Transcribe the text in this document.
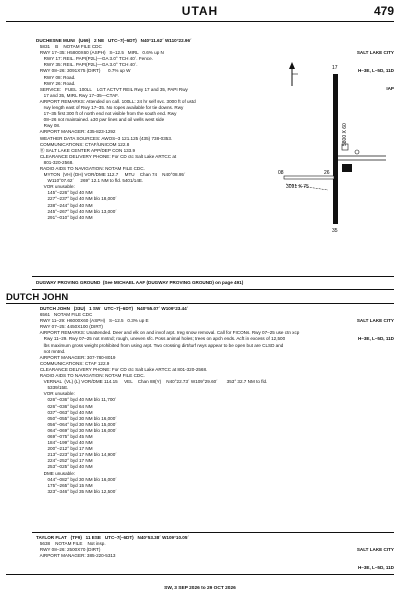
UTAH	479
DUCHESNE MUNI   (U69)   2 NE   UTC–7(–6DT)   N40°11.62´ W110°22.96´
5831    B    NOTAM FILE CDC
RWY 17–35: H5800X60 (ASPH)   S–12.5   MIRL   0.6% up N
RWY 17: REIL. PAPI(P2L)—GA 3.0° TCH 40´. Fence.
RWY 35: REIL. PAPI(P2L)—GA 3.0° TCH 40´.
RWY 08–26: 3091X75 (DIRT)      0.7% up W
RWY 08: Road.
RWY 26: Road.
SERVICE:   FUEL  100LL    LGT ACTVT REIL Rwy 17 and 35, PAPI Rwy
17 and 35, MIRL Rwy 17–35—CTAF.
AIRPORT REMARKS: Attended on call. 100LL: 24 hr self svc. 3000 ft of ustd
rwy length east of Rwy 17–35. No ropes available for tie downs. Rwy
17–35 first 300 ft of north end not visible from the south end. Rwy
08–26 not maintained. ±30 pwr lines and oil wells west side
Rwy 08.
AIRPORT MANAGER: 435-823-1292
WEATHER DATA SOURCES: AWOS–3 121.125 (435) 738-0353.
COMMUNICATIONS: CTAF/UNICOM 122.8
Ⓡ SALT LAKE CENTER APP/DEP CON 133.9
CLEARANCE DELIVERY PHONE: For CD ctc Salt Lake ARTCC at
801-320-2568.
RADIO AIDS TO NAVIGATION: NOTAM FILE CDC.
MYTON  (VH) (DH) VOR/DME 112.7     MTU    Chan 74    N40°08.95´
W110°07.62´     269° 12.1 NM to fld. 5401/14E.
VOR unusable:
145°–226° byd 40 NM
227°–237° byd 40 NM blo 18,000´
238°–244° byd 40 NM
245°–267° byd 40 NM blo 13,000´
291°–010° byd 40 NM

SALT LAKE CITY

H–3E, L–5D, 11D

IAP

17
35
08	26
5800 X 60
3091 X 75
DUGWAY PROVING GROUND  (See MICHAEL AAF (DUGWAY PROVING GROUND) on page 491)
DUTCH JOHN
DUTCH JOHN   (33U)   1 SW   UTC–7(–6DT)   N40°55.07´ W109°23.44´
6561   NOTAM FILE CDC
RWY 11–29: H6000X60 (ASPH)   S–12.5   0.3% up E
RWY 07–25: 4450X100 (DIRT)
AIRPORT REMARKS: Unattended. Deer and elk on and invof arpt. Ireg snow removal. Call for FICONs. Rwy 07–25 use ctn xcp
Rwy 11–29. Rwy 07–25 not mntnd; rough, uneven sfc. Poss animal holes; trees on apch ends. Acft in excess of 12,500
lbs maximum gross weight prohibited from using arpt. Two crossing dirt/turf rwys appear to be open but are CLSD and
not mntnd.
AIRPORT MANAGER: 307-780-8019
COMMUNICATIONS: CTAF 122.9
CLEARANCE DELIVERY PHONE: For CD ctc Salt Lake ARTCC at 801-320-2568.
RADIO AIDS TO NAVIGATION: NOTAM FILE CDC.
VERNAL  (VL) (L) VOR/DME 114.15     VEL    Chan 88(Y)    N40°22.73´ W109°29.60´       353° 32.7 NM to fld.
5339/15E.
VOR unusable:
026°–036° byd 40 NM blo 11,700´
026°–036° byd 64 NM
037°–063° byd 40 NM
050°–055° byd 30 NM blo 16,000´
056°–064° byd 30 NM blo 15,000´
064°–069° byd 30 NM blo 16,000´
069°–075° byd 45 NM
184°–199° byd 40 NM
200°–212° byd 17 NM
213°–223° byd 17 NM blo 14,900´
224°–252° byd 17 NM
253°–025° byd 40 NM
DME unusable:
044°–082° byd 30 NM blo 16,000´
175°–265° byd 15 NM
323°–346° byd 35 NM blo 12,500´

SALT LAKE CITY

H–3E, L–5D, 11D

TAYLOR FLAT   (TF9)   11 ESE   UTC–7(–6DT)   N40°53.38´ W109°10.05´
5638    NOTAM FILE    Not insp.
RWY 08–26: 2500X70 (DIRT)
AIRPORT MANAGER: 385-220-5313

SALT LAKE CITY

H–3E, L–5D, 11D

SW, 3 SEP 2026 to 29 OCT 2026
